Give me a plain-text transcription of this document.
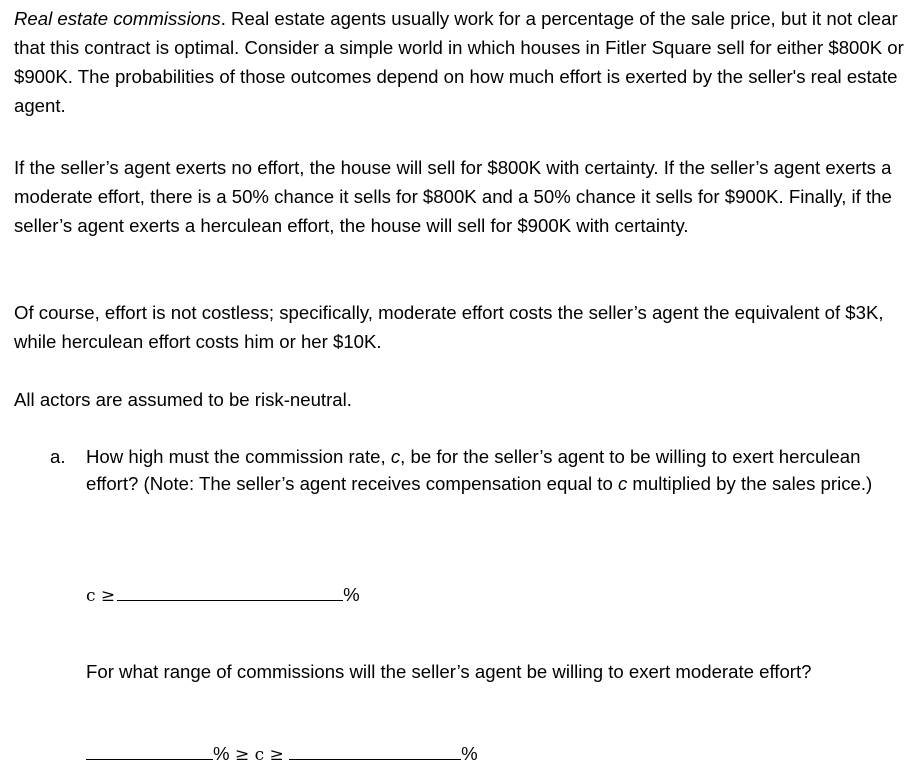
Real estate commissions. Real estate agents usually work for a percentage of the sale price, but it not clear that this contract is optimal. Consider a simple world in which houses in Fitler Square sell for either $800K or $900K. The probabilities of those outcomes depend on how much effort is exerted by the seller's real estate agent.

If the seller’s agent exerts no effort, the house will sell for $800K with certainty. If the seller’s agent exerts a moderate effort, there is a 50% chance it sells for $800K and a 50% chance it sells for $900K. Finally, if the seller’s agent exerts a herculean effort, the house will sell for $900K with certainty.

Of course, effort is not costless; specifically, moderate effort costs the seller’s agent the equivalent of $3K, while herculean effort costs him or her $10K.

All actors are assumed to be risk-neutral.

a. How high must the commission rate, c, be for the seller’s agent to be willing to exert herculean effort? (Note: The seller’s agent receives compensation equal to c multiplied by the sales price.)
c ≥	%
For what range of commissions will the seller’s agent be willing to exert moderate effort?
% ≥ c ≥	%
